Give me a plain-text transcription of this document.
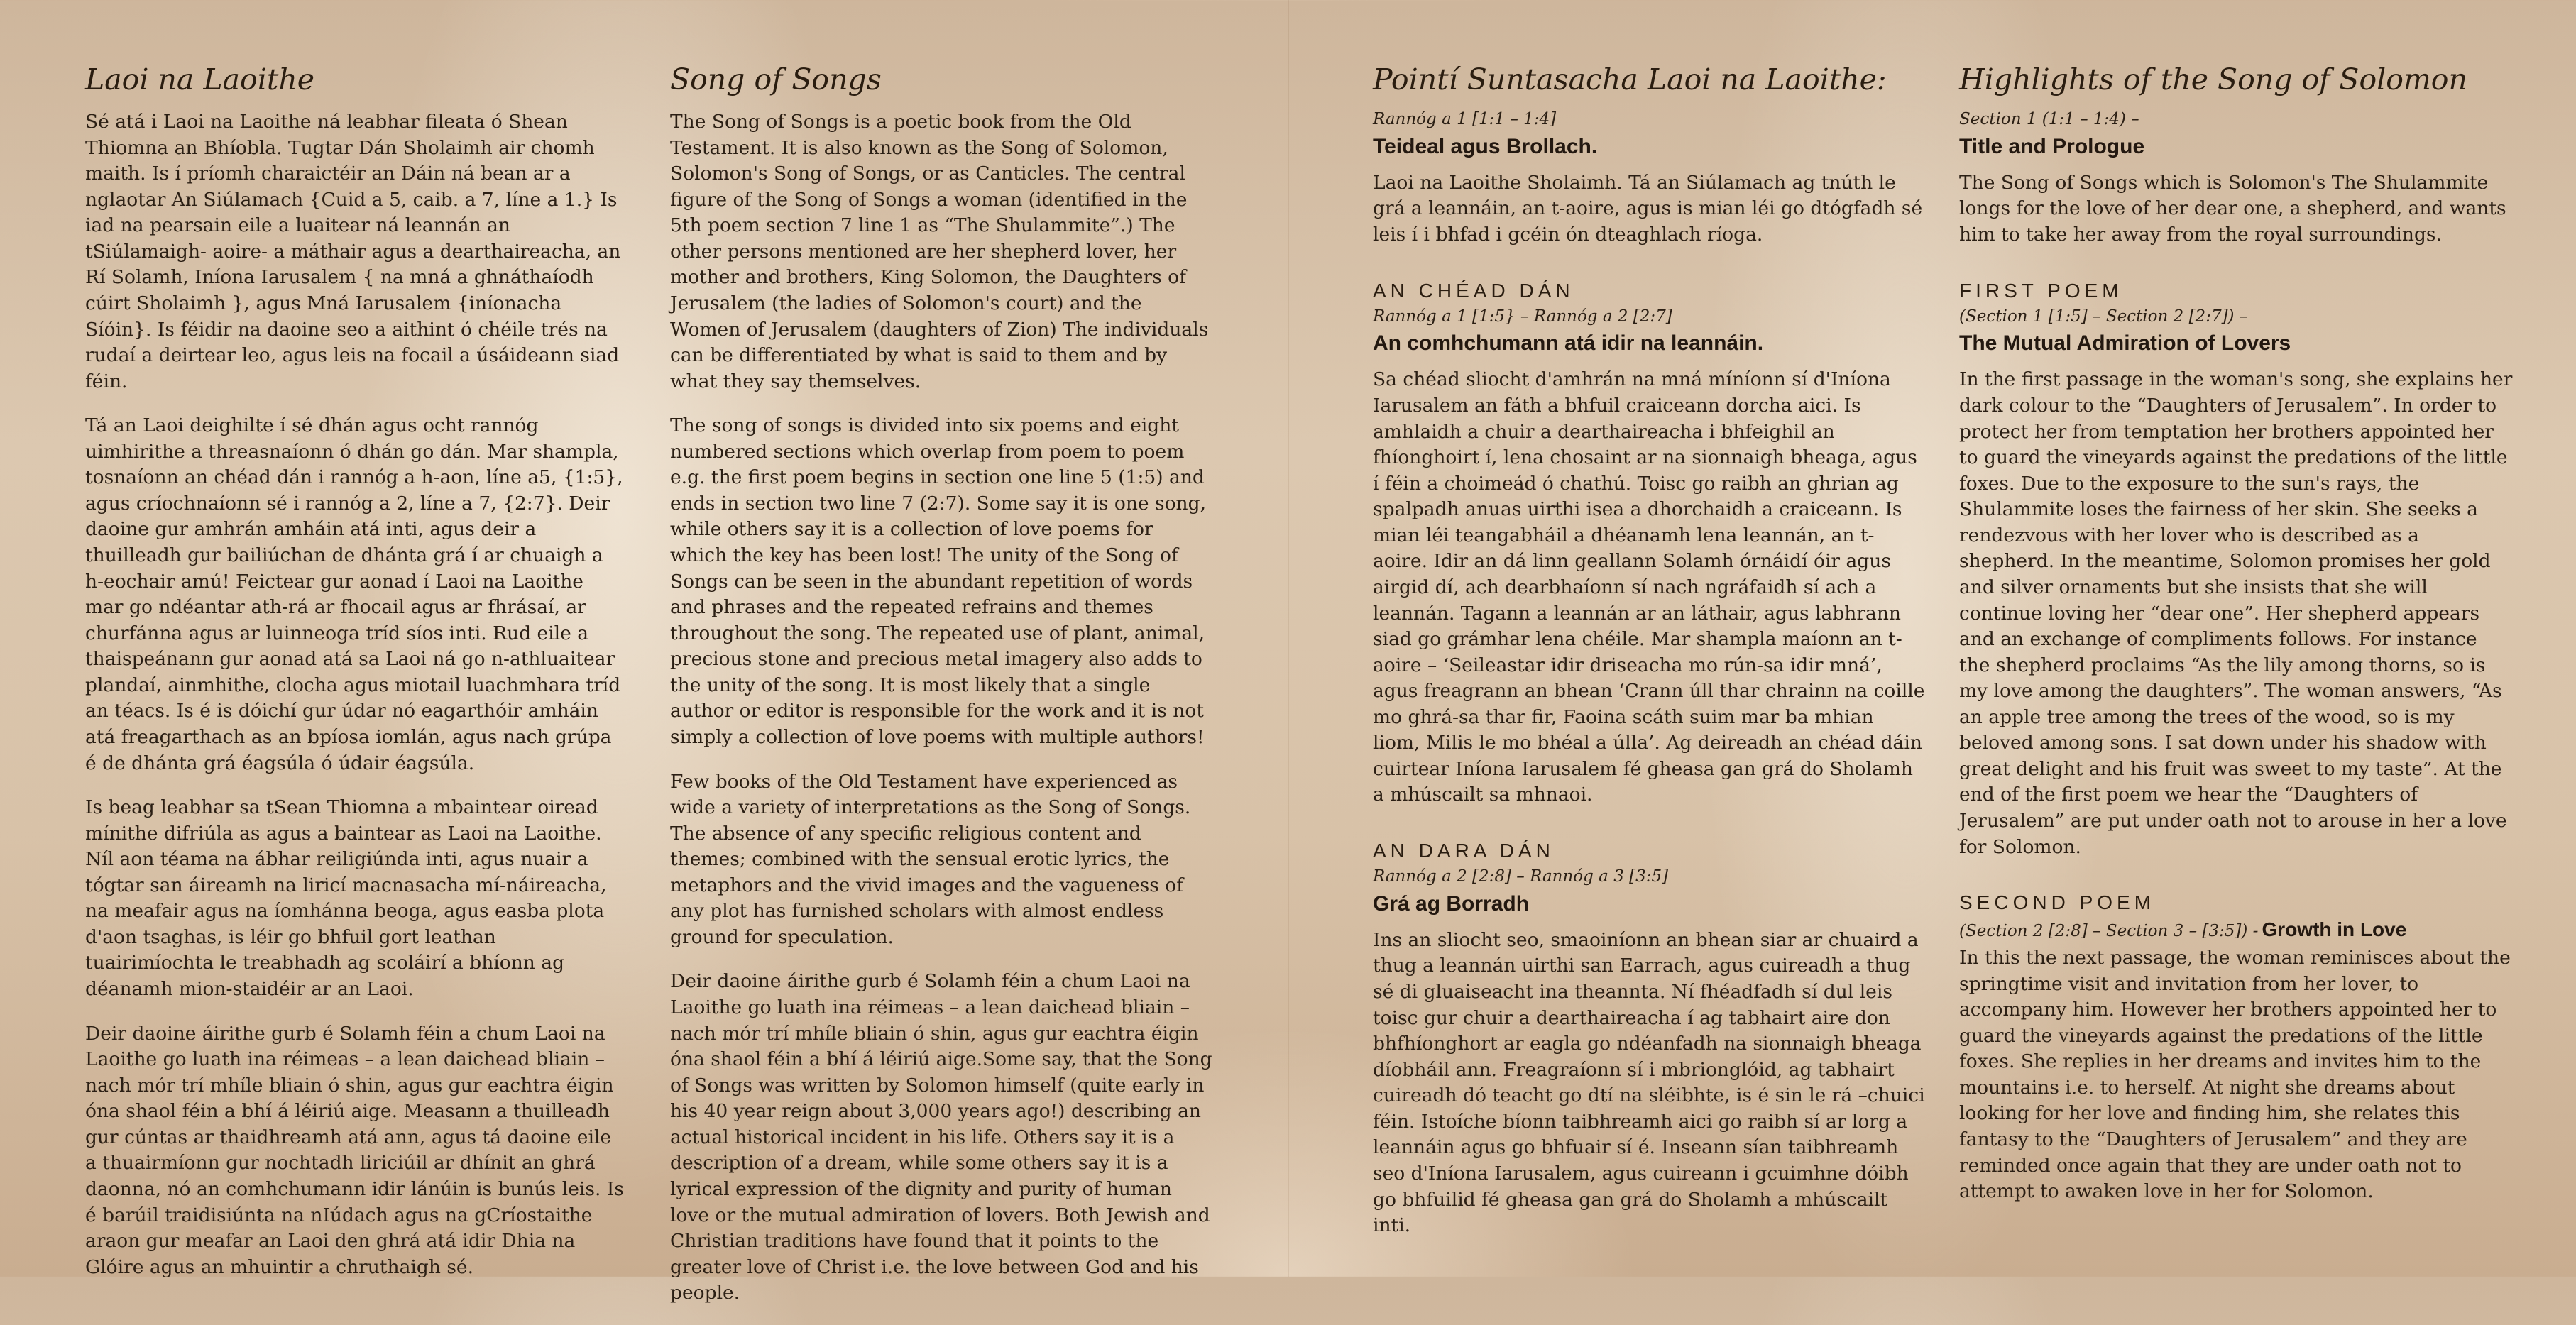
Laoi na Laoithe

Sé atá i Laoi na Laoithe ná leabhar fileata ó Shean Thiomna an Bhíobla. Tugtar Dán Sholaimh air chomh maith. Is í príomh charaictéir an Dáin ná bean ar a nglaotar An Siúlamach {Cuid a 5, caib. a 7, líne a 1.} Is iad na pearsain eile a luaitear ná leannán an tSiúlamaigh- aoire- a máthair agus a dearthaireacha, an Rí Solamh, Iníona Iarusalem { na mná a ghnáthaíodh cúirt Sholaimh }, agus Mná Iarusalem {iníonacha Síóin}. Is féidir na daoine seo a aithint ó chéile trés na rudaí a deirtear leo, agus leis na focail a úsáideann siad féin.

Tá an Laoi deighilte í sé dhán agus ocht rannóg uimhirithe a threasnaíonn ó dhán go dán. Mar shampla, tosnaíonn an chéad dán i rannóg a h-aon, líne a5, {1:5}, agus críochnaíonn sé i rannóg a 2, líne a 7, {2:7}. Deir daoine gur amhrán amháin atá inti, agus deir a thuilleadh gur bailiúchan de dhánta grá í ar chuaigh a h-eochair amú! Feictear gur aonad í Laoi na Laoithe mar go ndéantar ath-rá ar fhocail agus ar fhrásaí, ar churfánna agus ar luinneoga tríd síos inti. Rud eile a thaispeánann gur aonad atá sa Laoi ná go n-athluaitear plandaí, ainmhithe, clocha agus miotail luachmhara tríd an téacs. Is é is dóichí gur údar nó eagarthóir amháin atá freagarthach as an bpíosa iomlán, agus nach grúpa é de dhánta grá éagsúla ó údair éagsúla.

Is beag leabhar sa tSean Thiomna a mbaintear oiread mínithe difriúla as agus a baintear as Laoi na Laoithe. Níl aon téama na ábhar reiligiúnda inti, agus nuair a tógtar san áireamh na liricí macnasacha mí-náireacha, na meafair agus na íomhánna beoga, agus easba plota d'aon tsaghas, is léir go bhfuil gort leathan tuairimíochta le treabhadh ag scoláirí a bhíonn ag déanamh mion-staidéir ar an Laoi.

Deir daoine áirithe gurb é Solamh féin a chum Laoi na Laoithe go luath ina réimeas – a lean daichead bliain – nach mór trí mhíle bliain ó shin, agus gur eachtra éigin óna shaol féin a bhí á léiriú aige. Measann a thuilleadh gur cúntas ar thaidhreamh atá ann, agus tá daoine eile a thuairmíonn gur nochtadh liriciúil ar dhínit an ghrá daonna, nó an comhchumann idir lánúin is bunús leis. Is é barúil traidisiúnta na nIúdach agus na gCríostaithe araon gur meafar an Laoi den ghrá atá idir Dhia na Glóire agus an mhuintir a chruthaigh sé.

Song of Songs

The Song of Songs is a poetic book from the Old Testament. It is also known as the Song of Solomon, Solomon's Song of Songs, or as Canticles. The central figure of the Song of Songs a woman (identified in the 5th poem section 7 line 1 as “The Shulammite”.) The other persons mentioned are her shepherd lover, her mother and brothers, King Solomon, the Daughters of Jerusalem (the ladies of Solomon's court) and the Women of Jerusalem (daughters of Zion) The individuals can be differentiated by what is said to them and by what they say themselves.

The song of songs is divided into six poems and eight numbered sections which overlap from poem to poem e.g. the first poem begins in section one line 5 (1:5) and ends in section two line 7 (2:7). Some say it is one song, while others say it is a collection of love poems for which the key has been lost! The unity of the Song of Songs can be seen in the abundant repetition of words and phrases and the repeated refrains and themes throughout the song. The repeated use of plant, animal, precious stone and precious metal imagery also adds to the unity of the song. It is most likely that a single author or editor is responsible for the work and it is not simply a collection of love poems with multiple authors!

Few books of the Old Testament have experienced as wide a variety of interpretations as the Song of Songs. The absence of any specific religious content and themes; combined with the sensual erotic lyrics, the metaphors and the vivid images and the vagueness of any plot has furnished scholars with almost endless ground for speculation.

Deir daoine áirithe gurb é Solamh féin a chum Laoi na Laoithe go luath ina réimeas – a lean daichead bliain – nach mór trí mhíle bliain ó shin, agus gur eachtra éigin óna shaol féin a bhí á léiriú aige.Some say, that the Song of Songs was written by Solomon himself (quite early in his 40 year reign about 3,000 years ago!) describing an actual historical incident in his life. Others say it is a description of a dream, while some others say it is a lyrical expression of the dignity and purity of human love or the mutual admiration of lovers. Both Jewish and Christian traditions have found that it points to the greater love of Christ i.e. the love between God and his people.

Pointí Suntasacha Laoi na Laoithe:
Rannóg a 1 [1:1 – 1:4]
Teideal agus Brollach.

Laoi na Laoithe Sholaimh. Tá an Siúlamach ag tnúth le grá a leannáin, an t-aoire, agus is mian léi go dtógfadh sé leis í i bhfad i gcéin ón dteaghlach ríoga.

AN CHÉAD DÁN
Rannóg a 1 [1:5} – Rannóg a 2 [2:7]
An comhchumann atá idir na leannáin.

Sa chéad sliocht d'amhrán na mná míníonn sí d'Iníona Iarusalem an fáth a bhfuil craiceann dorcha aici. Is amhlaidh a chuir a dearthaireacha i bhfeighil an fhíonghoirt í, lena chosaint ar na sionnaigh bheaga, agus í féin a choimeád ó chathú. Toisc go raibh an ghrian ag spalpadh anuas uirthi isea a dhorchaidh a craiceann. Is mian léi teangabháil a dhéanamh lena leannán, an t-aoire. Idir an dá linn geallann Solamh órnáidí óir agus airgid dí, ach dearbhaíonn sí nach ngráfaidh sí ach a leannán. Tagann a leannán ar an láthair, agus labhrann siad go grámhar lena chéile. Mar shampla maíonn an t-aoire – ‘Seileastar idir driseacha mo rún-sa idir mná’, agus freagrann an bhean ‘Crann úll thar chrainn na coille mo ghrá-sa thar fir, Faoina scáth suim mar ba mhian liom, Milis le mo bhéal a úlla’. Ag deireadh an chéad dáin cuirtear Iníona Iarusalem fé gheasa gan grá do Sholamh a mhúscailt sa mhnaoi.

AN DARA DÁN
Rannóg a 2 [2:8] – Rannóg a 3 [3:5]
Grá ag Borradh

Ins an sliocht seo, smaoiníonn an bhean siar ar chuaird a thug a leannán uirthi san Earrach, agus cuireadh a thug sé di gluaiseacht ina theannta. Ní fhéadfadh sí dul leis toisc gur chuir a dearthaireacha í ag tabhairt aire don bhfhíonghort ar eagla go ndéanfadh na sionnaigh bheaga díobháil ann. Freagraíonn sí i mbrionglóid, ag tabhairt cuireadh dó teacht go dtí na sléibhte, is é sin le rá –chuici féin. Istoíche bíonn taibhreamh aici go raibh sí ar lorg a leannáin agus go bhfuair sí é. Inseann sían taibhreamh seo d'Iníona Iarusalem, agus cuireann i gcuimhne dóibh go bhfuilid fé gheasa gan grá do Sholamh a mhúscailt inti.

Highlights of the Song of Solomon
Section 1 (1:1 – 1:4) –
Title and Prologue

The Song of Songs which is Solomon's The Shulammite longs for the love of her dear one, a shepherd, and wants him to take her away from the royal surroundings.

FIRST POEM
(Section 1 [1:5] – Section 2 [2:7]) –
The Mutual Admiration of Lovers

In the first passage in the woman's song, she explains her dark colour to the “Daughters of Jerusalem”. In order to protect her from temptation her brothers appointed her to guard the vineyards against the predations of the little foxes. Due to the exposure to the sun's rays, the Shulammite loses the fairness of her skin. She seeks a rendezvous with her lover who is described as a shepherd. In the meantime, Solomon promises her gold and silver ornaments but she insists that she will continue loving her “dear one”. Her shepherd appears and an exchange of compliments follows. For instance the shepherd proclaims “As the lily among thorns, so is my love among the daughters”. The woman answers, “As an apple tree among the trees of the wood, so is my beloved among sons. I sat down under his shadow with great delight and his fruit was sweet to my taste”. At the end of the first poem we hear the “Daughters of Jerusalem” are put under oath not to arouse in her a love for Solomon.

SECOND POEM
(Section 2 [2:8] – Section 3 – [3:5]) - Growth in Love

In this the next passage, the woman reminisces about the springtime visit and invitation from her lover, to accompany him. However her brothers appointed her to guard the vineyards against the predations of the little foxes. She replies in her dreams and invites him to the mountains i.e. to herself. At night she dreams about looking for her love and finding him, she relates this fantasy to the “Daughters of Jerusalem” and they are reminded once again that they are under oath not to attempt to awaken love in her for Solomon.
